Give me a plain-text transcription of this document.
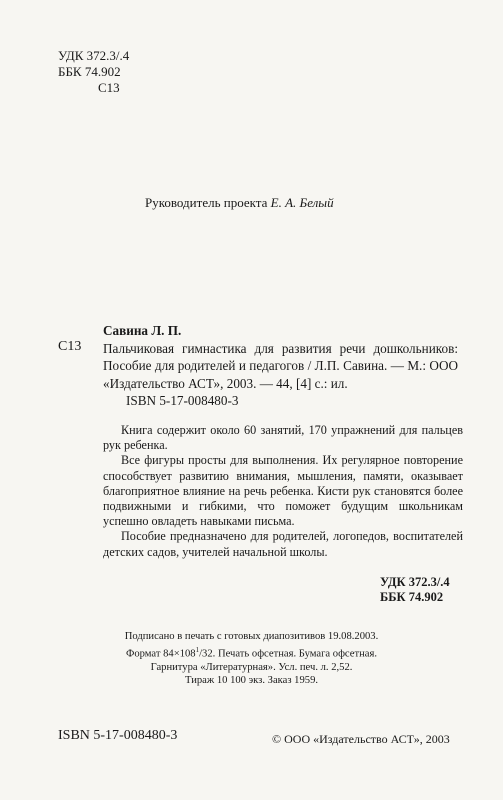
УДК 372.3/.4
ББК 74.902
С13
Руководитель проекта Е. А. Белый
С13
Савина Л. П.
Пальчиковая гимнастика для развития речи дошкольников: Пособие для родителей и педагогов / Л.П. Савина. — М.: ООО «Издательство АСТ», 2003. — 44, [4] с.: ил.
ISBN 5-17-008480-3

Книга содержит около 60 занятий, 170 упражнений для пальцев рук ребенка.

Все фигуры просты для выполнения. Их регулярное повторение способствует развитию внимания, мышления, памяти, оказывает благоприятное влияние на речь ребенка. Кисти рук становятся более подвижными и гибкими, что поможет будущим школьникам успешно овладеть навыками письма.

Пособие предназначено для родителей, логопедов, воспитателей детских садов, учителей начальной школы.

УДК 372.3/.4
ББК 74.902
Подписано в печать с готовых диапозитивов 19.08.2003.
Формат $84\times 108^1/32$. Печать офсетная. Бумага офсетная.
Гарнитура «Литературная». Усл. печ. л. 2,52.
Тираж 10 100 экз. Заказ 1959.
ISBN 5-17-008480-3	© ООО «Издательство АСТ», 2003
